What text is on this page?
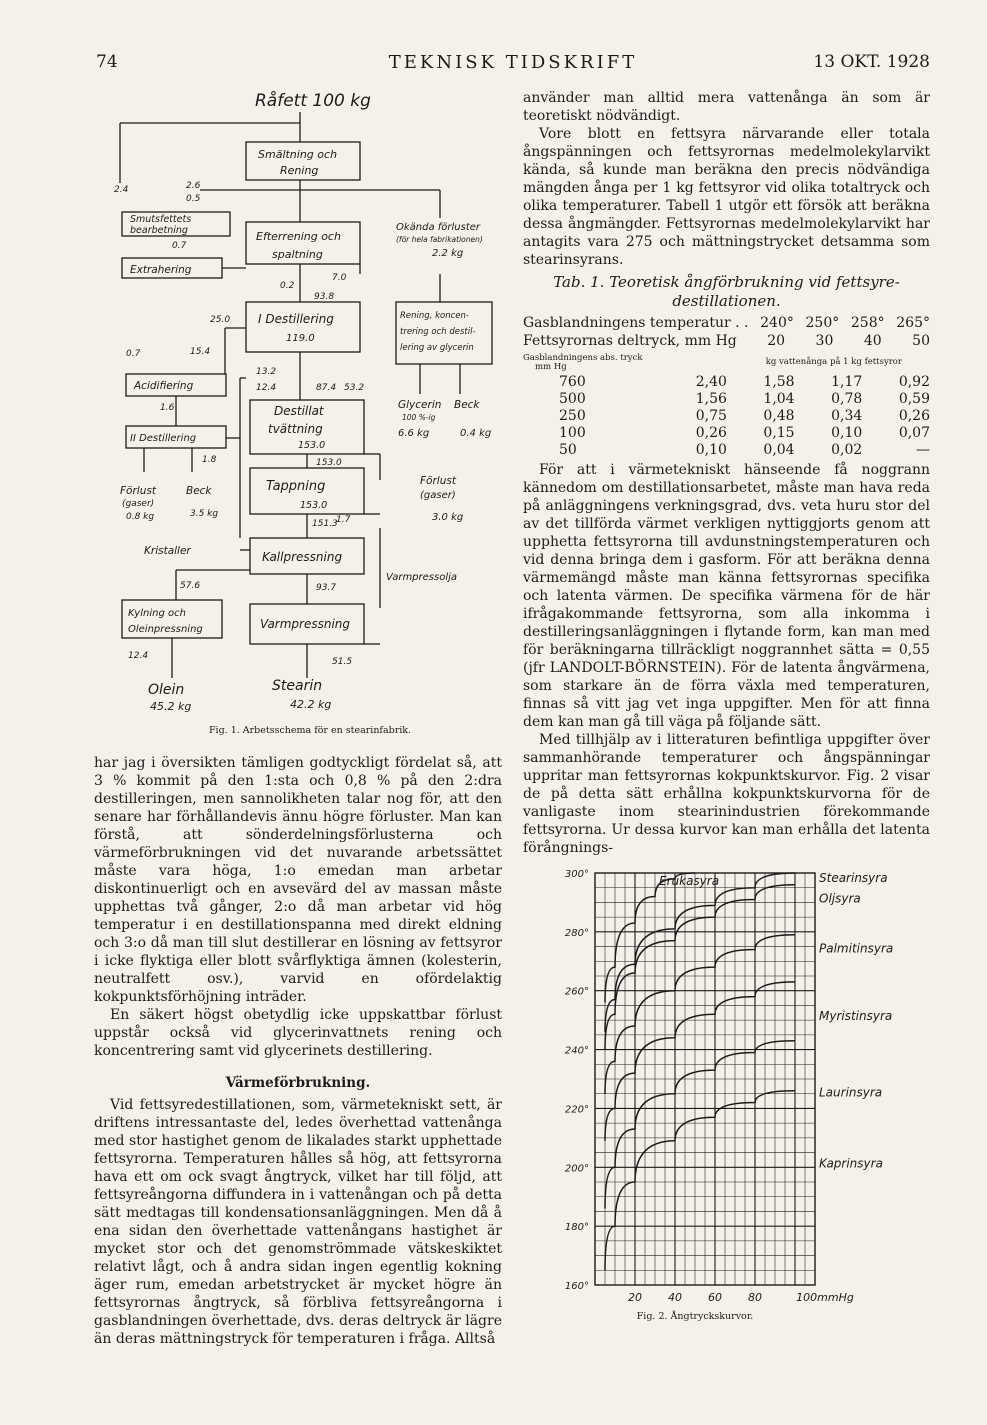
74	TEKNISK TIDSKRIFT	13 OKT. 1928
Råfett 100 kg
Smältning och
Rening
2.4	2.6
0.5
Smutsfettets
bearbetning
0.7
Extrahering
Efterrening och
spaltning
7.0
0.2
93.8
Okända förluster
(för hela fabrikationen)
2.2 kg
I Destillering
119.0
25.0
0.7	15.4
Rening, koncen-
trering och destil-
lering av glycerin
Acidifiering
1.6
13.2
12.4	87.4 53.2
II Destillering
1.8
Destillat
tvättning
153.0
153.0
Glycerin
100 %-ig
6.6 kg
Beck
0.4 kg
Förlust
(gaser)
0.8 kg
Beck
3.5 kg
Tappning
153.0
151.3
1.7
Förlust
(gaser)
3.0 kg
Kristaller	Kallpressning
93.7
57.6
Varmpressolja
Kylning och
Oleinpressning
12.4
Varmpressning
51.5
Olein
45.2 kg
Stearin
42.2 kg
Fig. 1. Arbetsschema för en stearinfabrik.

har jag i översikten tämligen godtyckligt fördelat så, att 3 % kommit på den 1:sta och 0,8 % på den 2:dra destilleringen, men sannolikheten talar nog för, att den senare har förhållandevis ännu högre förluster. Man kan förstå, att sönderdelningsförlusterna och värmeförbrukningen vid det nuvarande arbetssättet måste vara höga, 1:o emedan man arbetar diskontinuerligt och en avsevärd del av massan måste upphettas två gånger, 2:o då man arbetar vid hög temperatur i en destillationspanna med direkt eldning och 3:o då man till slut destillerar en lösning av fettsyror i icke flyktiga eller blott svårflyktiga ämnen (kolesterin, neutralfett osv.), varvid en ofördelaktig kokpunktsförhöjning inträder.

En säkert högst obetydlig icke uppskattbar förlust uppstår också vid glycerinvattnets rening och koncentrering samt vid glycerinets destillering.

Värmeförbrukning.

Vid fettsyredestillationen, som, värmetekniskt sett, är driftens intressantaste del, ledes överhettad vattenånga med stor hastighet genom de likalades starkt upphettade fettsyrorna. Temperaturen hålles så hög, att fettsyrorna hava ett om ock svagt ångtryck, vilket har till följd, att fettsyreångorna diffundera in i vattenångan och på detta sätt medtagas till kondensationsanläggningen. Men då å ena sidan den överhettade vattenångans hastighet är mycket stor och det genomströmmade vätskeskiktet relativt lågt, och å andra sidan ingen egentlig kokning äger rum, emedan arbetstrycket är mycket högre än fettsyrornas ångtryck, så förbliva fettsyreångorna i gasblandningen överhettade, dvs. deras deltryck är lägre än deras mättningstryck för temperaturen i fråga. Alltså

använder man alltid mera vattenånga än som är teoretiskt nödvändigt.

Vore blott en fettsyra närvarande eller totala ångspänningen och fettsyrornas medelmolekylarvikt kända, så kunde man beräkna den precis nödvändiga mängden ånga per 1 kg fettsyror vid olika totaltryck och olika temperaturer. Tabell 1 utgör ett försök att beräkna dessa ångmängder. Fettsyrornas medelmolekylarvikt har antagits vara 275 och mättningstrycket detsamma som stearinsyrans.

Tab. 1. Teoretisk ångförbrukning vid fettsyre-
destillationen.
Gasblandningens temperatur . . 240° 250° 258° 265°
Fettsyrornas deltryck, mm Hg 20 30 40 50
Gasblandningens abs. tryck
mm Hg	kg vattenånga på 1 kg fettsyror
760	2,40	1,58	1,17	0,92
500	1,56	1,04	0,78	0,59
250	0,75	0,48	0,34	0,26
100	0,26	0,15	0,10	0,07
50	0,10	0,04	0,02	—

För att i värmetekniskt hänseende få noggrann kännedom om destillationsarbetet, måste man hava reda på anläggningens verkningsgrad, dvs. veta huru stor del av det tillförda värmet verkligen nyttiggjorts genom att upphetta fettsyrorna till avdunstningstemperaturen och vid denna bringa dem i gasform. För att beräkna denna värmemängd måste man känna fettsyrornas specifika och latenta värmen. De specifika värmena för de här ifrågakommande fettsyrorna, som alla inkomma i destilleringsanläggningen i flytande form, kan man med för beräkningarna tillräckligt noggrannhet sätta = 0,55 (jfr LANDOLT-BÖRNSTEIN). För de latenta ångvärmena, som starkare än de förra växla med temperaturen, finnas så vitt jag vet inga uppgifter. Men för att finna dem kan man gå till väga på följande sätt.

Med tillhjälp av i litteraturen befintliga uppgifter över sammanhörande temperaturer och ångspänningar uppritar man fettsyrornas kokpunktskurvor. Fig. 2 visar de på detta sätt erhållna kokpunktskurvorna för de vanligaste inom stearinindustrien förekommande fettsyrorna. Ur dessa kurvor kan man erhålla det latenta förångnings-

160°
180°
200°
220°
240°
260°
280°
300°
20 40 60 80	100mmHg
Fig. 2. Ångtryckskurvor.
Erukasyra	Stearinsyra
Oljsyra
Palmitinsyra
Myristinsyra
Laurinsyra
Kaprinsyra
